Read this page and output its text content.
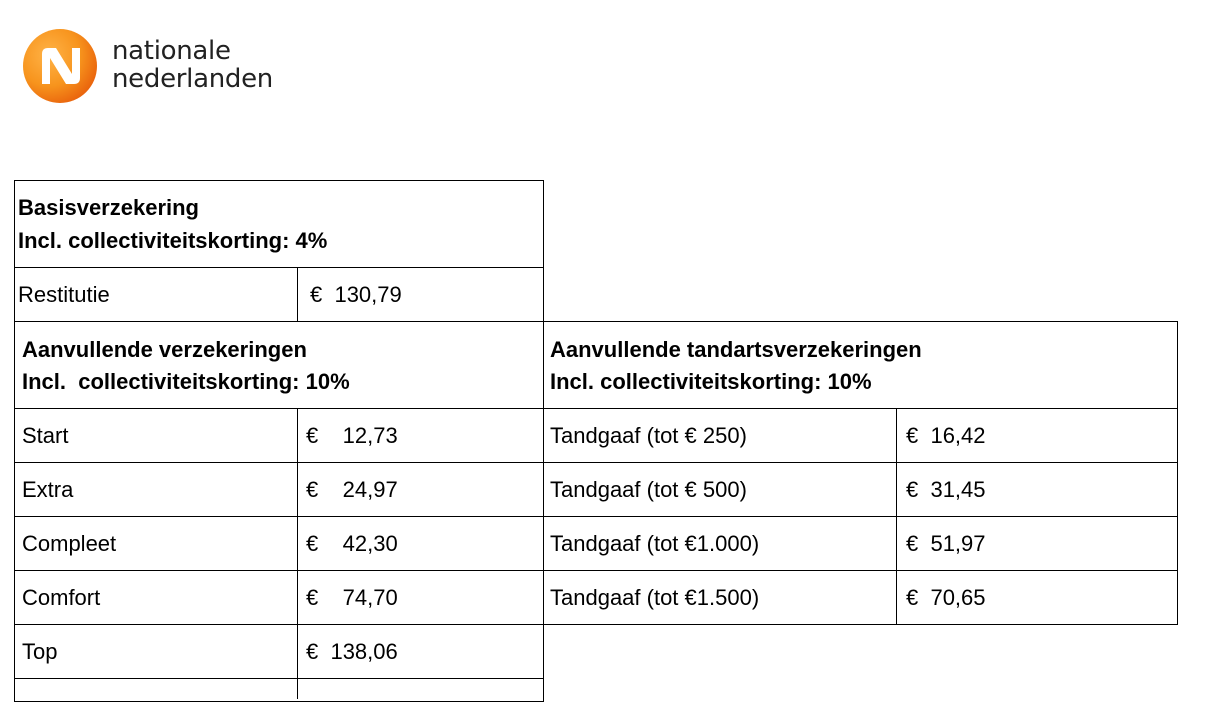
nationale
nederlanden
Basisverzekering
Incl. collectiviteitskorting: 4%
Restitutie	€  130,79
Aanvullende verzekeringen
Incl.  collectiviteitskorting: 10%
Start	€    12,73
Extra	€    24,97
Compleet	€    42,30
Comfort	€    74,70
Top	€  138,06
Aanvullende tandartsverzekeringen
Incl. collectiviteitskorting: 10%
Tandgaaf (tot € 250)	€  16,42
Tandgaaf (tot € 500)	€  31,45
Tandgaaf (tot €1.000)	€  51,97
Tandgaaf (tot €1.500)	€  70,65
